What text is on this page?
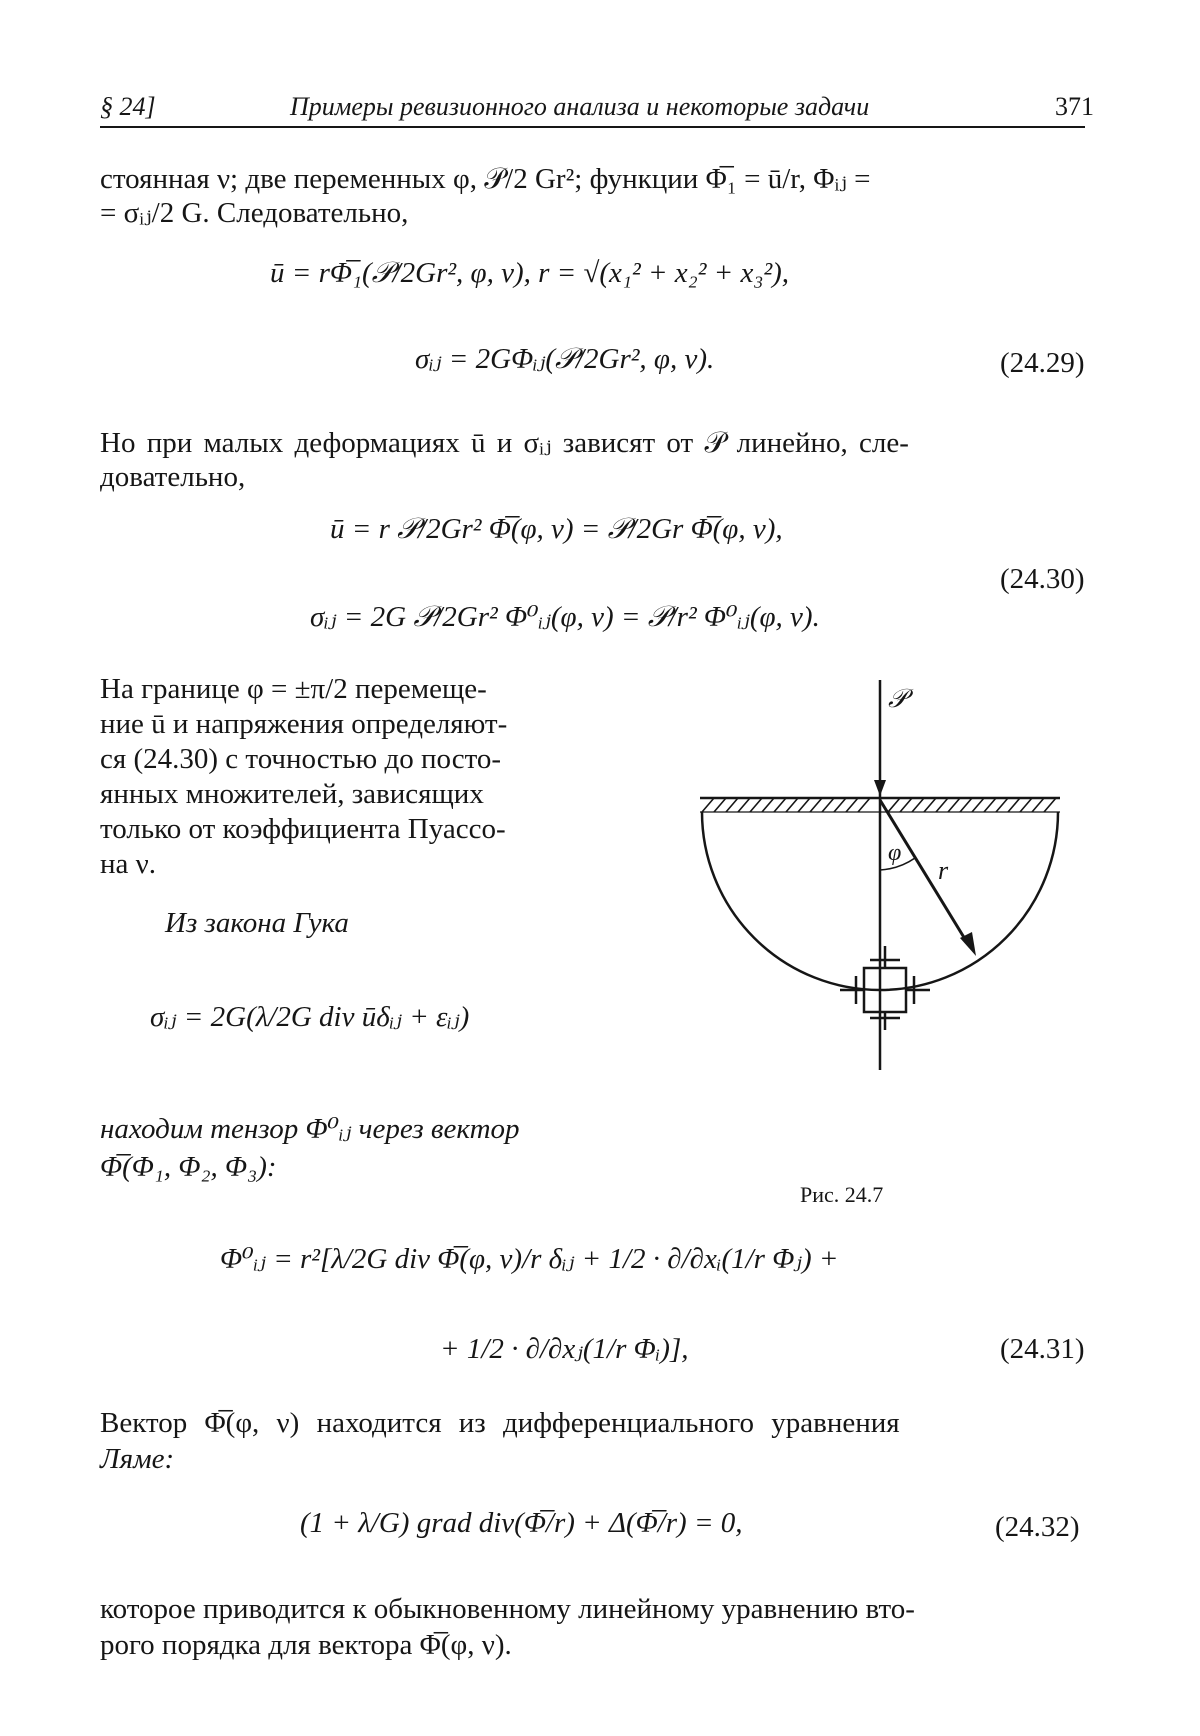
§ 24]	Примеры ревизионного анализа и некоторые задачи	371
стоянная ν; две переменных φ, 𝒫/2 Gr²; функции Φ̅₁ = ū/r, Φᵢⱼ =
= σᵢⱼ/2 G. Следовательно,
ū = rΦ̅₁(𝒫/2Gr², φ, ν), r = √(x₁² + x₂² + x₃²),
σᵢⱼ = 2GΦᵢⱼ(𝒫/2Gr², φ, ν).	(24.29)
Но при малых деформациях ū и σᵢⱼ зависят от 𝒫 линейно, сле-
довательно,
ū = r 𝒫/2Gr² Φ̅(φ, ν) = 𝒫/2Gr Φ̅(φ, ν),
σᵢⱼ = 2G 𝒫/2Gr² Φ⁰ᵢⱼ(φ, ν) = 𝒫/r² Φ⁰ᵢⱼ(φ, ν).
(24.30)
На границе φ = ±π/2 перемеще-
ние ū и напряжения определяют-
ся (24.30) с точностью до посто-
янных множителей, зависящих
только от коэффициента Пуассо-
на ν.
Из закона Гука
σᵢⱼ = 2G(λ/2G div ūδᵢⱼ + εᵢⱼ)
находим тензор Φ⁰ᵢⱼ через вектор
Φ̅(Φ₁, Φ₂, Φ₃):
𝒫
φ
r
Рис. 24.7
Φ⁰ᵢⱼ = r²[λ/2G div Φ̅(φ, ν)/r δᵢⱼ + 1/2 · ∂/∂xᵢ(1/r Φⱼ) +
+ 1/2 · ∂/∂xⱼ(1/r Φᵢ)],	(24.31)
Вектор Φ̅(φ, ν) находится из дифференциального уравнения
Ляме:
(1 + λ/G) grad div(Φ̅/r) + Δ(Φ̅/r) = 0,	(24.32)
которое приводится к обыкновенному линейному уравнению вто-
рого порядка для вектора Φ̅(φ, ν).
